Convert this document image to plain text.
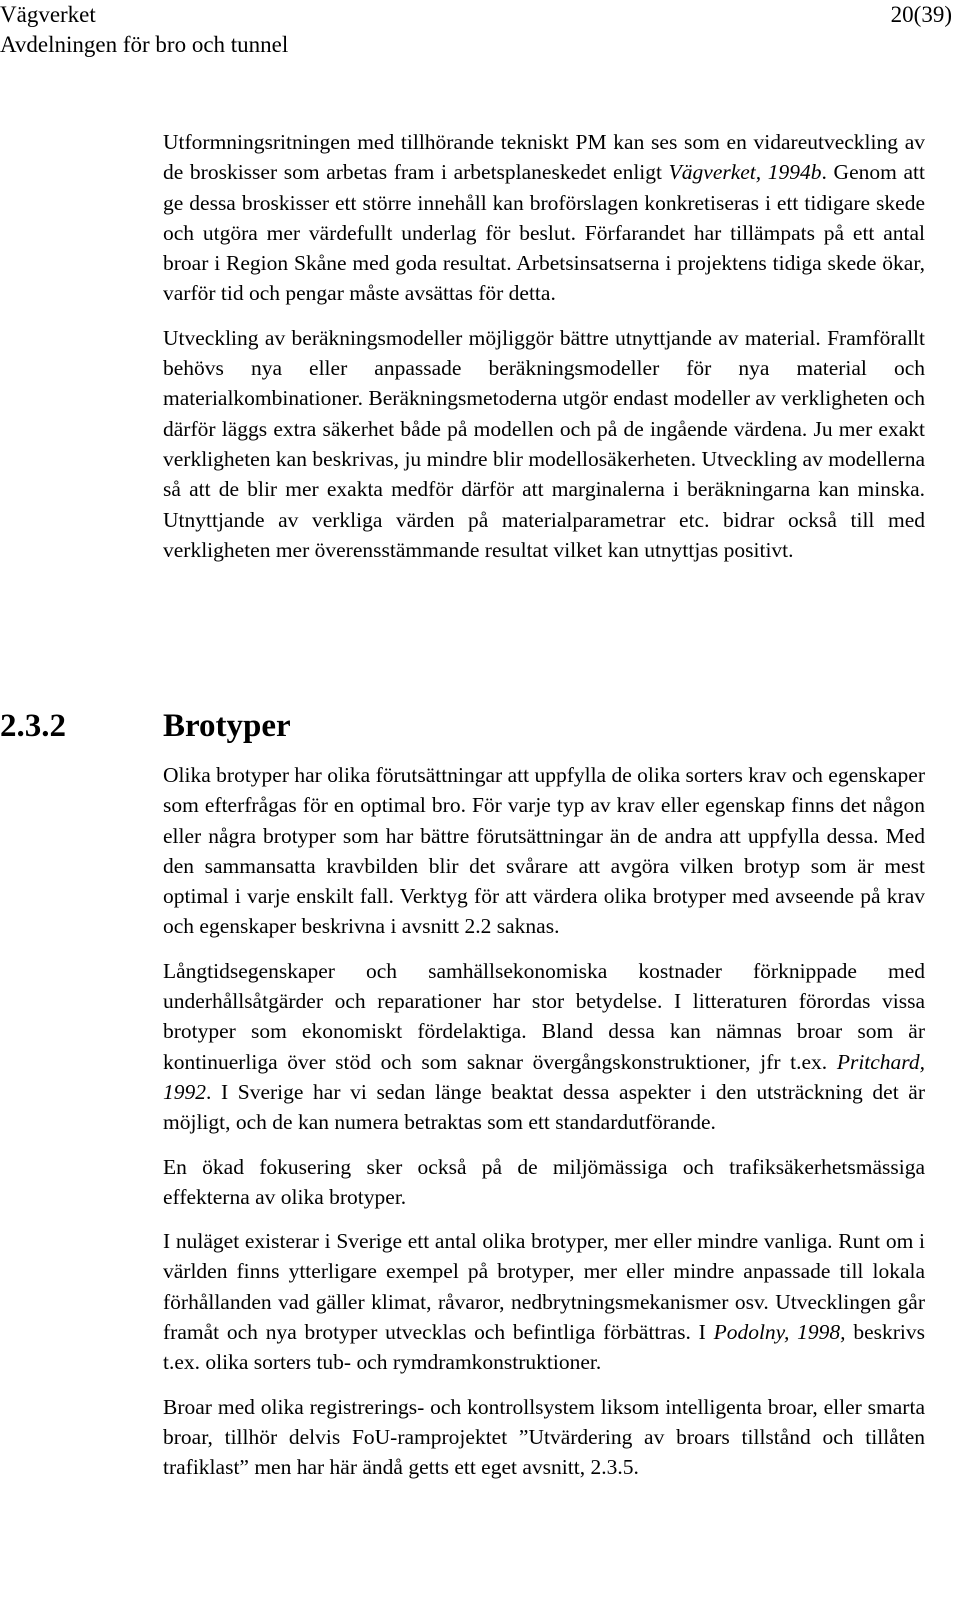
Vägverket
Avdelningen för bro och tunnel
20(39)

Utformningsritningen med tillhörande tekniskt PM kan ses som en vidareutveckling av de broskisser som arbetas fram i arbetsplaneskedet enligt Vägverket, 1994b. Genom att ge dessa broskisser ett större innehåll kan broförslagen konkretiseras i ett tidigare skede och utgöra mer värdefullt underlag för beslut. Förfarandet har tillämpats på ett antal broar i Region Skåne med goda resultat. Arbetsinsatserna i projektens tidiga skede ökar, varför tid och pengar måste avsättas för detta.

Utveckling av beräkningsmodeller möjliggör bättre utnyttjande av material. Framförallt behövs nya eller anpassade beräkningsmodeller för nya material och materialkombinationer. Beräkningsmetoderna utgör endast modeller av verkligheten och därför läggs extra säkerhet både på modellen och på de ingående värdena. Ju mer exakt verkligheten kan beskrivas, ju mindre blir modellosäkerheten. Utveckling av modellerna så att de blir mer exakta medför därför att marginalerna i beräkningarna kan minska. Utnyttjande av verkliga värden på materialparametrar etc. bidrar också till med verkligheten mer överensstämmande resultat vilket kan utnyttjas positivt.

2.3.2	Brotyper

Olika brotyper har olika förutsättningar att uppfylla de olika sorters krav och egenskaper som efterfrågas för en optimal bro. För varje typ av krav eller egenskap finns det någon eller några brotyper som har bättre förutsättningar än de andra att uppfylla dessa. Med den sammansatta kravbilden blir det svårare att avgöra vilken brotyp som är mest optimal i varje enskilt fall. Verktyg för att värdera olika brotyper med avseende på krav och egenskaper beskrivna i avsnitt 2.2 saknas.

Långtidsegenskaper och samhällsekonomiska kostnader förknippade med underhållsåtgärder och reparationer har stor betydelse. I litteraturen förordas vissa brotyper som ekonomiskt fördelaktiga. Bland dessa kan nämnas broar som är kontinuerliga över stöd och som saknar övergångskonstruktioner, jfr t.ex. Pritchard, 1992. I Sverige har vi sedan länge beaktat dessa aspekter i den utsträckning det är möjligt, och de kan numera betraktas som ett standardutförande.

En ökad fokusering sker också på de miljömässiga och trafiksäkerhetsmässiga effekterna av olika brotyper.

I nuläget existerar i Sverige ett antal olika brotyper, mer eller mindre vanliga. Runt om i världen finns ytterligare exempel på brotyper, mer eller mindre anpassade till lokala förhållanden vad gäller klimat, råvaror, nedbrytningsmekanismer osv. Utvecklingen går framåt och nya brotyper utvecklas och befintliga förbättras. I Podolny, 1998, beskrivs t.ex. olika sorters tub- och rymdramkonstruktioner.

Broar med olika registrerings- och kontrollsystem liksom intelligenta broar, eller smarta broar, tillhör delvis FoU-ramprojektet ”Utvärdering av broars tillstånd och tillåten trafiklast” men har här ändå getts ett eget avsnitt, 2.3.5.
